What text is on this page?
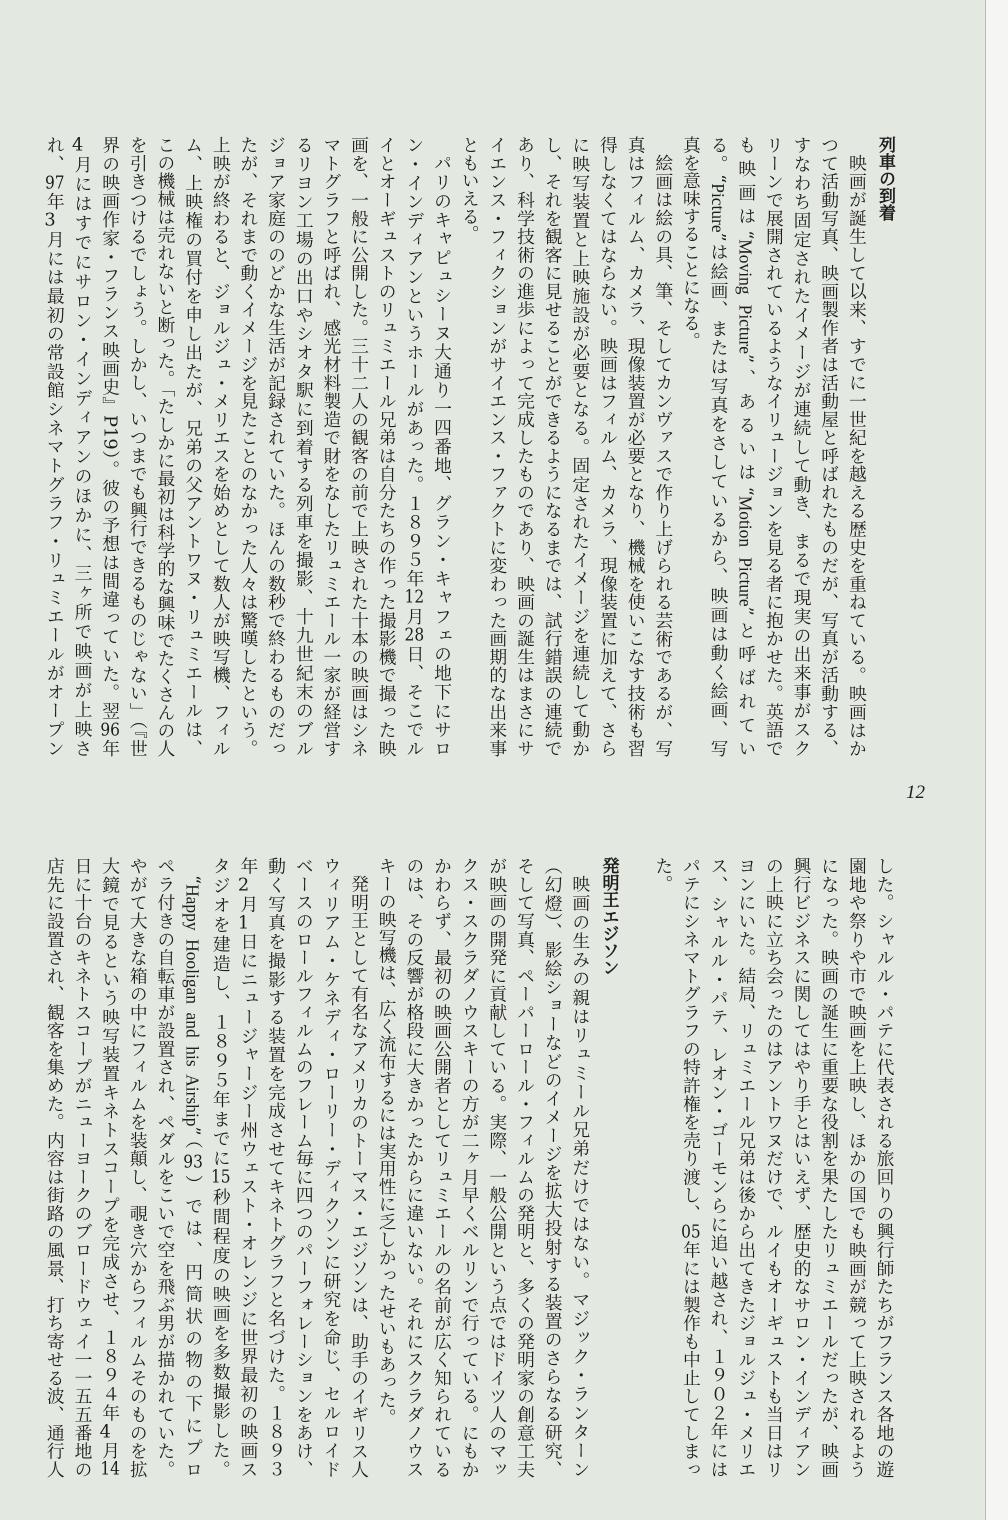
列車の到着
映画が誕生して以来、すでに一世紀を越える歴史を重ねている。映画はか
つて活動写真、映画製作者は活動屋と呼ばれたものだが、写真が活動する、
すなわち固定されたイメージが連続して動き、まるで現実の出来事がスク
リーンで展開されているようなイリュージョンを見る者に抱かせた。英語で
も映画は“Moving Picture”、あるいは“Motion Picture”と呼ばれてい
る。“Picture”は絵画、または写真をさしているから、映画は動く絵画、写
真を意味することになる。
絵画は絵の具、筆、そしてカンヴァスで作り上げられる芸術であるが、写
真はフィルム、カメラ、現像装置が必要となり、機械を使いこなす技術も習
得しなくてはならない。映画はフィルム、カメラ、現像装置に加えて、さら
に映写装置と上映施設が必要となる。固定されたイメージを連続して動か
し、それを観客に見せることができるようになるまでは、試行錯誤の連続で
あり、科学技術の進歩によって完成したものであり、映画の誕生はまさにサ
イエンス・フィクションがサイエンス・ファクトに変わった画期的な出来事
ともいえる。
パリのキャピュシーヌ大通り一四番地、グラン・キャフェの地下にサロ
ン・インディアンというホールがあった。１８９５年12月28日、そこでル
イとオーギュストのリュミエール兄弟は自分たちの作った撮影機で撮った映
画を、一般に公開した。三十二人の観客の前で上映された十本の映画はシネ
マトグラフと呼ばれ、感光材料製造で財をなしたリュミエール一家が経営す
るリヨン工場の出口やシオタ駅に到着する列車を撮影、十九世紀末のブル
ジョア家庭ののどかな生活が記録されていた。ほんの数秒で終わるものだっ
たが、それまで動くイメージを見たことのなかった人々は驚嘆したという。
上映が終わると、ジョルジュ・メリエスを始めとして数人が映写機、フィル
ム、上映権の買付を申し出たが、兄弟の父アントワヌ・リュミエールは、
この機械は売れないと断った。「たしかに最初は科学的な興味でたくさんの人
を引きつけるでしょう。しかし、いつまでも興行できるものじゃない」（『世
界の映画作家・フランス映画史』P19）。彼の予想は間違っていた。翌96年
4月にはすでにサロン・インディアンのほかに、三ヶ所で映画が上映さ
れ、97年3月には最初の常設館シネマトグラフ・リュミエールがオープン
12
した。シャルル・パテに代表される旅回りの興行師たちがフランス各地の遊
園地や祭りや市で映画を上映し、ほかの国でも映画が競って上映されるよう
になった。映画の誕生に重要な役割を果たしたリュミエールだったが、映画
興行ビジネスに関してはやり手とはいえず、歴史的なサロン・インディアン
の上映に立ち会ったのはアントワヌだけで、ルイもオーギュストも当日はリ
ヨンにいた。結局、リュミエール兄弟は後から出てきたジョルジュ・メリエ
ス、シャルル・パテ、レオン・ゴーモンらに追い越され、１９０２年には
パテにシネマトグラフの特許権を売り渡し、05年には製作も中止してしまっ
た。
発明王エジソン
映画の生みの親はリュミール兄弟だけではない。マジック・ランターン
（幻燈）、影絵ショーなどのイメージを拡大投射する装置のさらなる研究、
そして写真、ペーパーロール・フィルムの発明と、多くの発明家の創意工夫
が映画の開発に貢献している。実際、一般公開という点ではドイツ人のマッ
クス・スクラダノウスキーの方が二ヶ月早くベルリンで行っている。にもか
かわらず、最初の映画公開者としてリュミエールの名前が広く知られている
のは、その反響が格段に大きかったからに違いない。それにスクラダノウス
キーの映写機は、広く流布するには実用性に乏しかったせいもあった。
発明王として有名なアメリカのトーマス・エジソンは、助手のイギリス人
ウィリアム・ケネディ・ローリー・ディクソンに研究を命じ、セルロイド
ベースのロールフィルムのフレーム毎に四つのパーフォレーションをあけ、
動く写真を撮影する装置を完成させてキネトグラフと名づけた。１８９３
年2月1日にニュージャージー州ウェスト・オレンジに世界最初の映画ス
タジオを建造し、１８９５年までに15秒間程度の映画を多数撮影した。
“Happy Hooligan and his Airship”（93）では、円筒状の物の下にプロ
ペラ付きの自転車が設置され、ペダルをこいで空を飛ぶ男が描かれていた。
やがて大きな箱の中にフィルムを装顛し、覗き穴からフィルムそのものを拡
大鏡で見るという映写装置キネトスコープを完成させ、１８９４年4月14
日に十台のキネトスコープがニューヨークのブロードウェイ一一五五番地の
店先に設置され、観客を集めた。内容は街路の風景、打ち寄せる波、通行人
